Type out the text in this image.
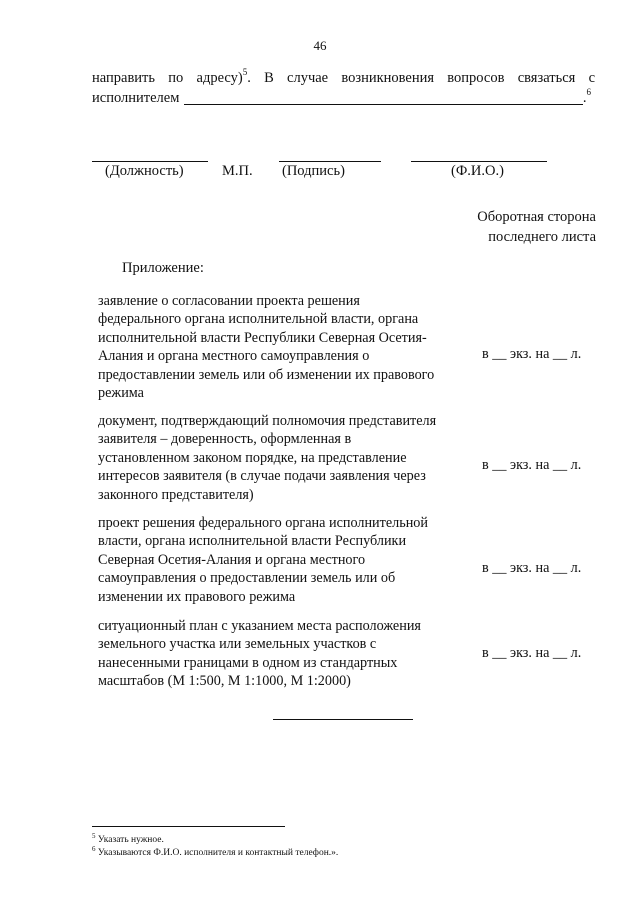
46
направить по адресу)$^5$. В случае возникновения вопросов связаться с
исполнителем	.$^6$
(Должность)	М.П. (Подпись)	(Ф.И.О.)
Оборотная сторона
последнего листа
Приложение:
заявление о согласовании проекта решения
федерального органа исполнительной власти, органа
исполнительной власти Республики Северная Осетия-
Алания и органа местного самоуправления о
предоставлении земель или об изменении их правового
режима
в __ экз. на __ л.
документ, подтверждающий полномочия представителя
заявителя – доверенность, оформленная в
установленном законом порядке, на представление
интересов заявителя (в случае подачи заявления через
законного представителя)
в __ экз. на __ л.
проект решения федерального органа исполнительной
власти, органа исполнительной власти Республики
Северная Осетия-Алания и органа местного
самоуправления о предоставлении земель или об
изменении их правового режима
в __ экз. на __ л.
ситуационный план с указанием места расположения
земельного участка или земельных участков с
нанесенными границами в одном из стандартных
масштабов (М 1:500, М 1:1000, М 1:2000)
в __ экз. на __ л.
$^5$ Указать нужное.
$^6$ Указываются Ф.И.О. исполнителя и контактный телефон.».
